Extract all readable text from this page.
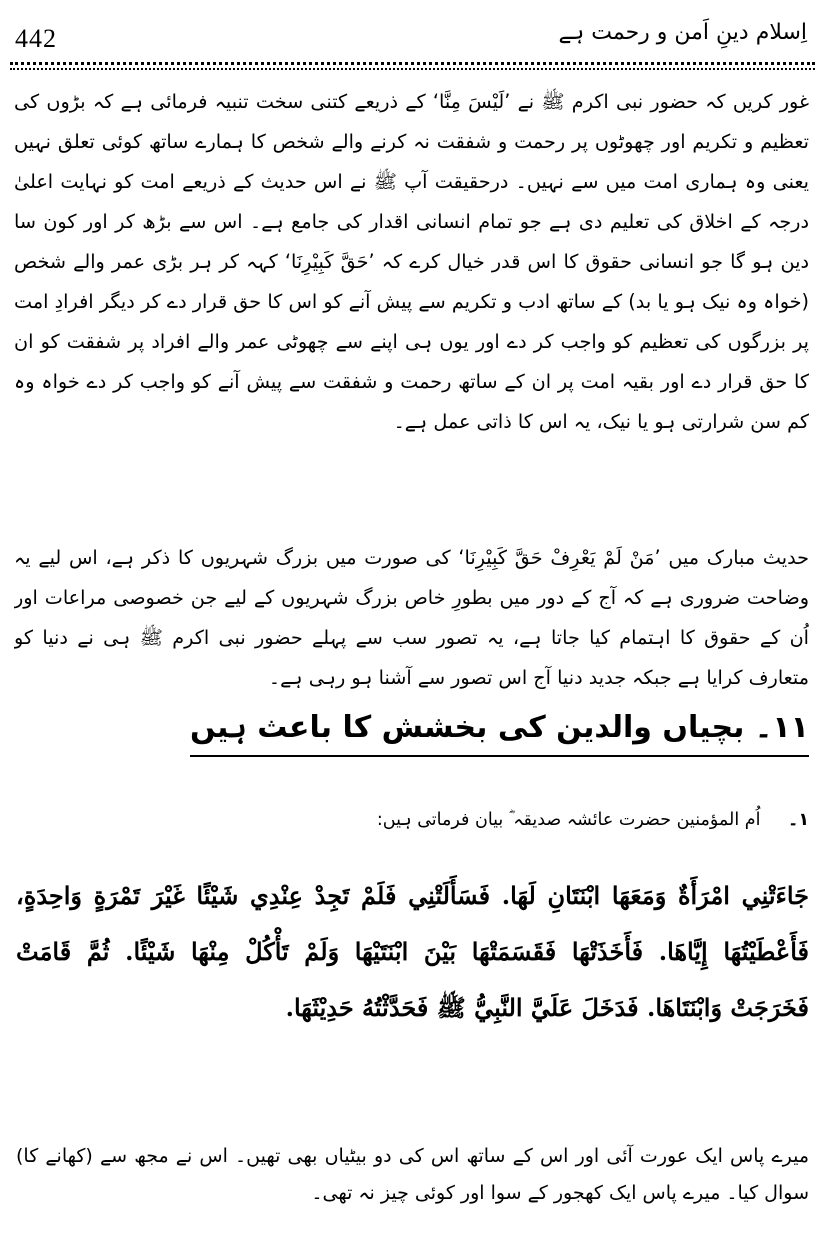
442	اِسلام دینِ اَمن و رحمت ہے

غور کریں کہ حضور نبی اکرم ﷺ نے ’لَيْسَ مِنَّا‘ کے ذریعے کتنی سخت تنبیہ فرمائی ہے کہ بڑوں کی تعظیم و تکریم اور چھوٹوں پر رحمت و شفقت نہ کرنے والے شخص کا ہمارے ساتھ کوئی تعلق نہیں یعنی وہ ہماری امت میں سے نہیں۔ درحقیقت آپ ﷺ نے اس حدیث کے ذریعے امت کو نہایت اعلیٰ درجہ کے اخلاق کی تعلیم دی ہے جو تمام انسانی اقدار کی جامع ہے۔ اس سے بڑھ کر اور کون سا دین ہو گا جو انسانی حقوق کا اس قدر خیال کرے کہ ’حَقَّ كَبِيْرِنَا‘ کہہ کر ہر بڑی عمر والے شخص (خواہ وہ نیک ہو یا بد) کے ساتھ ادب و تکریم سے پیش آنے کو اس کا حق قرار دے کر دیگر افرادِ امت پر بزرگوں کی تعظیم کو واجب کر دے اور یوں ہی اپنے سے چھوٹی عمر والے افراد پر شفقت کو ان کا حق قرار دے اور بقیہ امت پر ان کے ساتھ رحمت و شفقت سے پیش آنے کو واجب کر دے خواہ وہ کم سن شرارتی ہو یا نیک، یہ اس کا ذاتی عمل ہے۔

حدیث مبارک میں ’مَنْ لَمْ يَعْرِفْ حَقَّ كَبِيْرِنَا‘ کی صورت میں بزرگ شہریوں کا ذکر ہے، اس لیے یہ وضاحت ضروری ہے کہ آج کے دور میں بطورِ خاص بزرگ شہریوں کے لیے جن خصوصی مراعات اور اُن کے حقوق کا اہتمام کیا جاتا ہے، یہ تصور سب سے پہلے حضور نبی اکرم ﷺ ہی نے دنیا کو متعارف کرایا ہے جبکہ جدید دنیا آج اس تصور سے آشنا ہو رہی ہے۔

۱۱۔ بچیاں والدین کی بخشش کا باعث ہیں
١۔ اُم المؤمنین حضرت عائشہ صدیقہ ؓ بیان فرماتی ہیں:
جَاءَتْنِي امْرَأَةٌ وَمَعَهَا ابْنَتَانِ لَهَا. فَسَأَلَتْنِي فَلَمْ تَجِدْ عِنْدِي شَيْئًا غَيْرَ تَمْرَةٍ وَاحِدَةٍ، فَأَعْطَيْتُهَا إِيَّاهَا. فَأَخَذَتْهَا فَقَسَمَتْهَا بَيْنَ ابْنَتَيْهَا وَلَمْ تَأْكُلْ مِنْهَا شَيْئًا. ثُمَّ قَامَتْ فَخَرَجَتْ وَابْنَتَاهَا. فَدَخَلَ عَلَيَّ النَّبِيُّ ﷺ فَحَدَّثْتُهُ حَدِيْثَهَا.
میرے پاس ایک عورت آئی اور اس کے ساتھ اس کی دو بیٹیاں بھی تھیں۔ اس نے مجھ سے (کھانے کا) سوال کیا۔ میرے پاس ایک کھجور کے سوا اور کوئی چیز نہ تھی۔
